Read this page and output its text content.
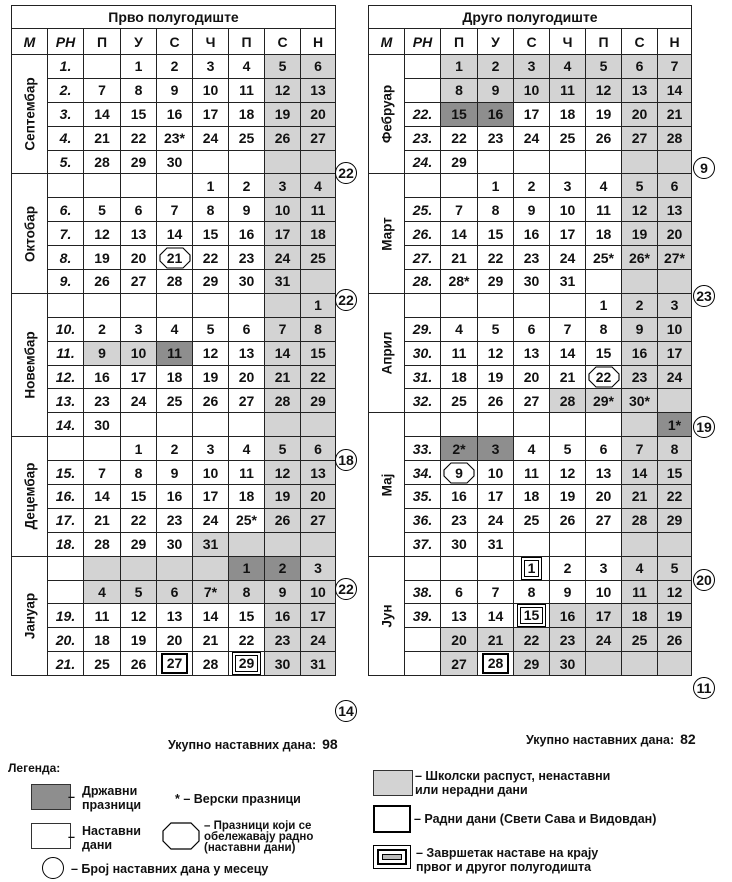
Прво полугодиште								
М	РН	П	У	С	Ч	П	С	Н

Септембар	1.		1	2	3	4	5	6
	2.	7	8	9	10	11	12	13
	3.	14	15	16	17	18	19	20
	4.	21	22	23*	24	25	26	27
	5.	28	29	30				

Октобар					1	2	3	4
	6.	5	6	7	8	9	10	11
	7.	12	13	14	15	16	17	18
	8.	19	20	21	22	23	24	25
	9.	26	27	28	29	30	31	

Новембар								1
	10.	2	3	4	5	6	7	8
	11.	9	10	11	12	13	14	15
	12.	16	17	18	19	20	21	22
	13.	23	24	25	26	27	28	29
	14.	30						

Децембар			1	2	3	4	5	6
	15.	7	8	9	10	11	12	13
	16.	14	15	16	17	18	19	20
	17.	21	22	23	24	25*	26	27
	18.	28	29	30	31			

Јануар						1	2	3
		4	5	6	7*	8	9	10
	19.	11	12	13	14	15	16	17
	20.	18	19	20	21	22	23	24
	21.	25	26	27	28	29	30	31
Друго полугодиште								
М	РН	П	У	С	Ч	П	С	Н

Фебруар		1	2	3	4	5	6	7
		8	9	10	11	12	13	14
	22.	15	16	17	18	19	20	21
	23.	22	23	24	25	26	27	28
	24.	29						

Март			1	2	3	4	5	6
	25.	7	8	9	10	11	12	13
	26.	14	15	16	17	18	19	20
	27.	21	22	23	24	25*	26*	27*
	28.	28*	29	30	31			

Април						1	2	3
	29.	4	5	6	7	8	9	10
	30.	11	12	13	14	15	16	17
	31.	18	19	20	21	22	23	24
	32.	25	26	27	28	29*	30*	

Мај								1*
	33.	2*	3	4	5	6	7	8
	34.	9	10	11	12	13	14	15
	35.	16	17	18	19	20	21	22
	36.	23	24	25	26	27	28	29
	37.	30	31					

Јун				1	2	3	4	5
	38.	6	7	8	9	10	11	12
	39.	13	14	15	16	17	18	19
		20	21	22	23	24	25	26
		27	28	29	30			
22
22
18
22
14
9
23
19
20
11
Укупно наставних дана: 98	Укупно наставних дана: 82
Легенда:
– Државни
празници	* – Верски празници
– Настaвни
дани
– Празници који се
обележавају радно
(наставни дани)
– Број наставних дана у месецу
– Школски распуст, ненаставни
или нерадни дани
– Радни дани (Свети Сава и Видовдан)
– Завршетак наставе на крају
првог и другог полугодишта
